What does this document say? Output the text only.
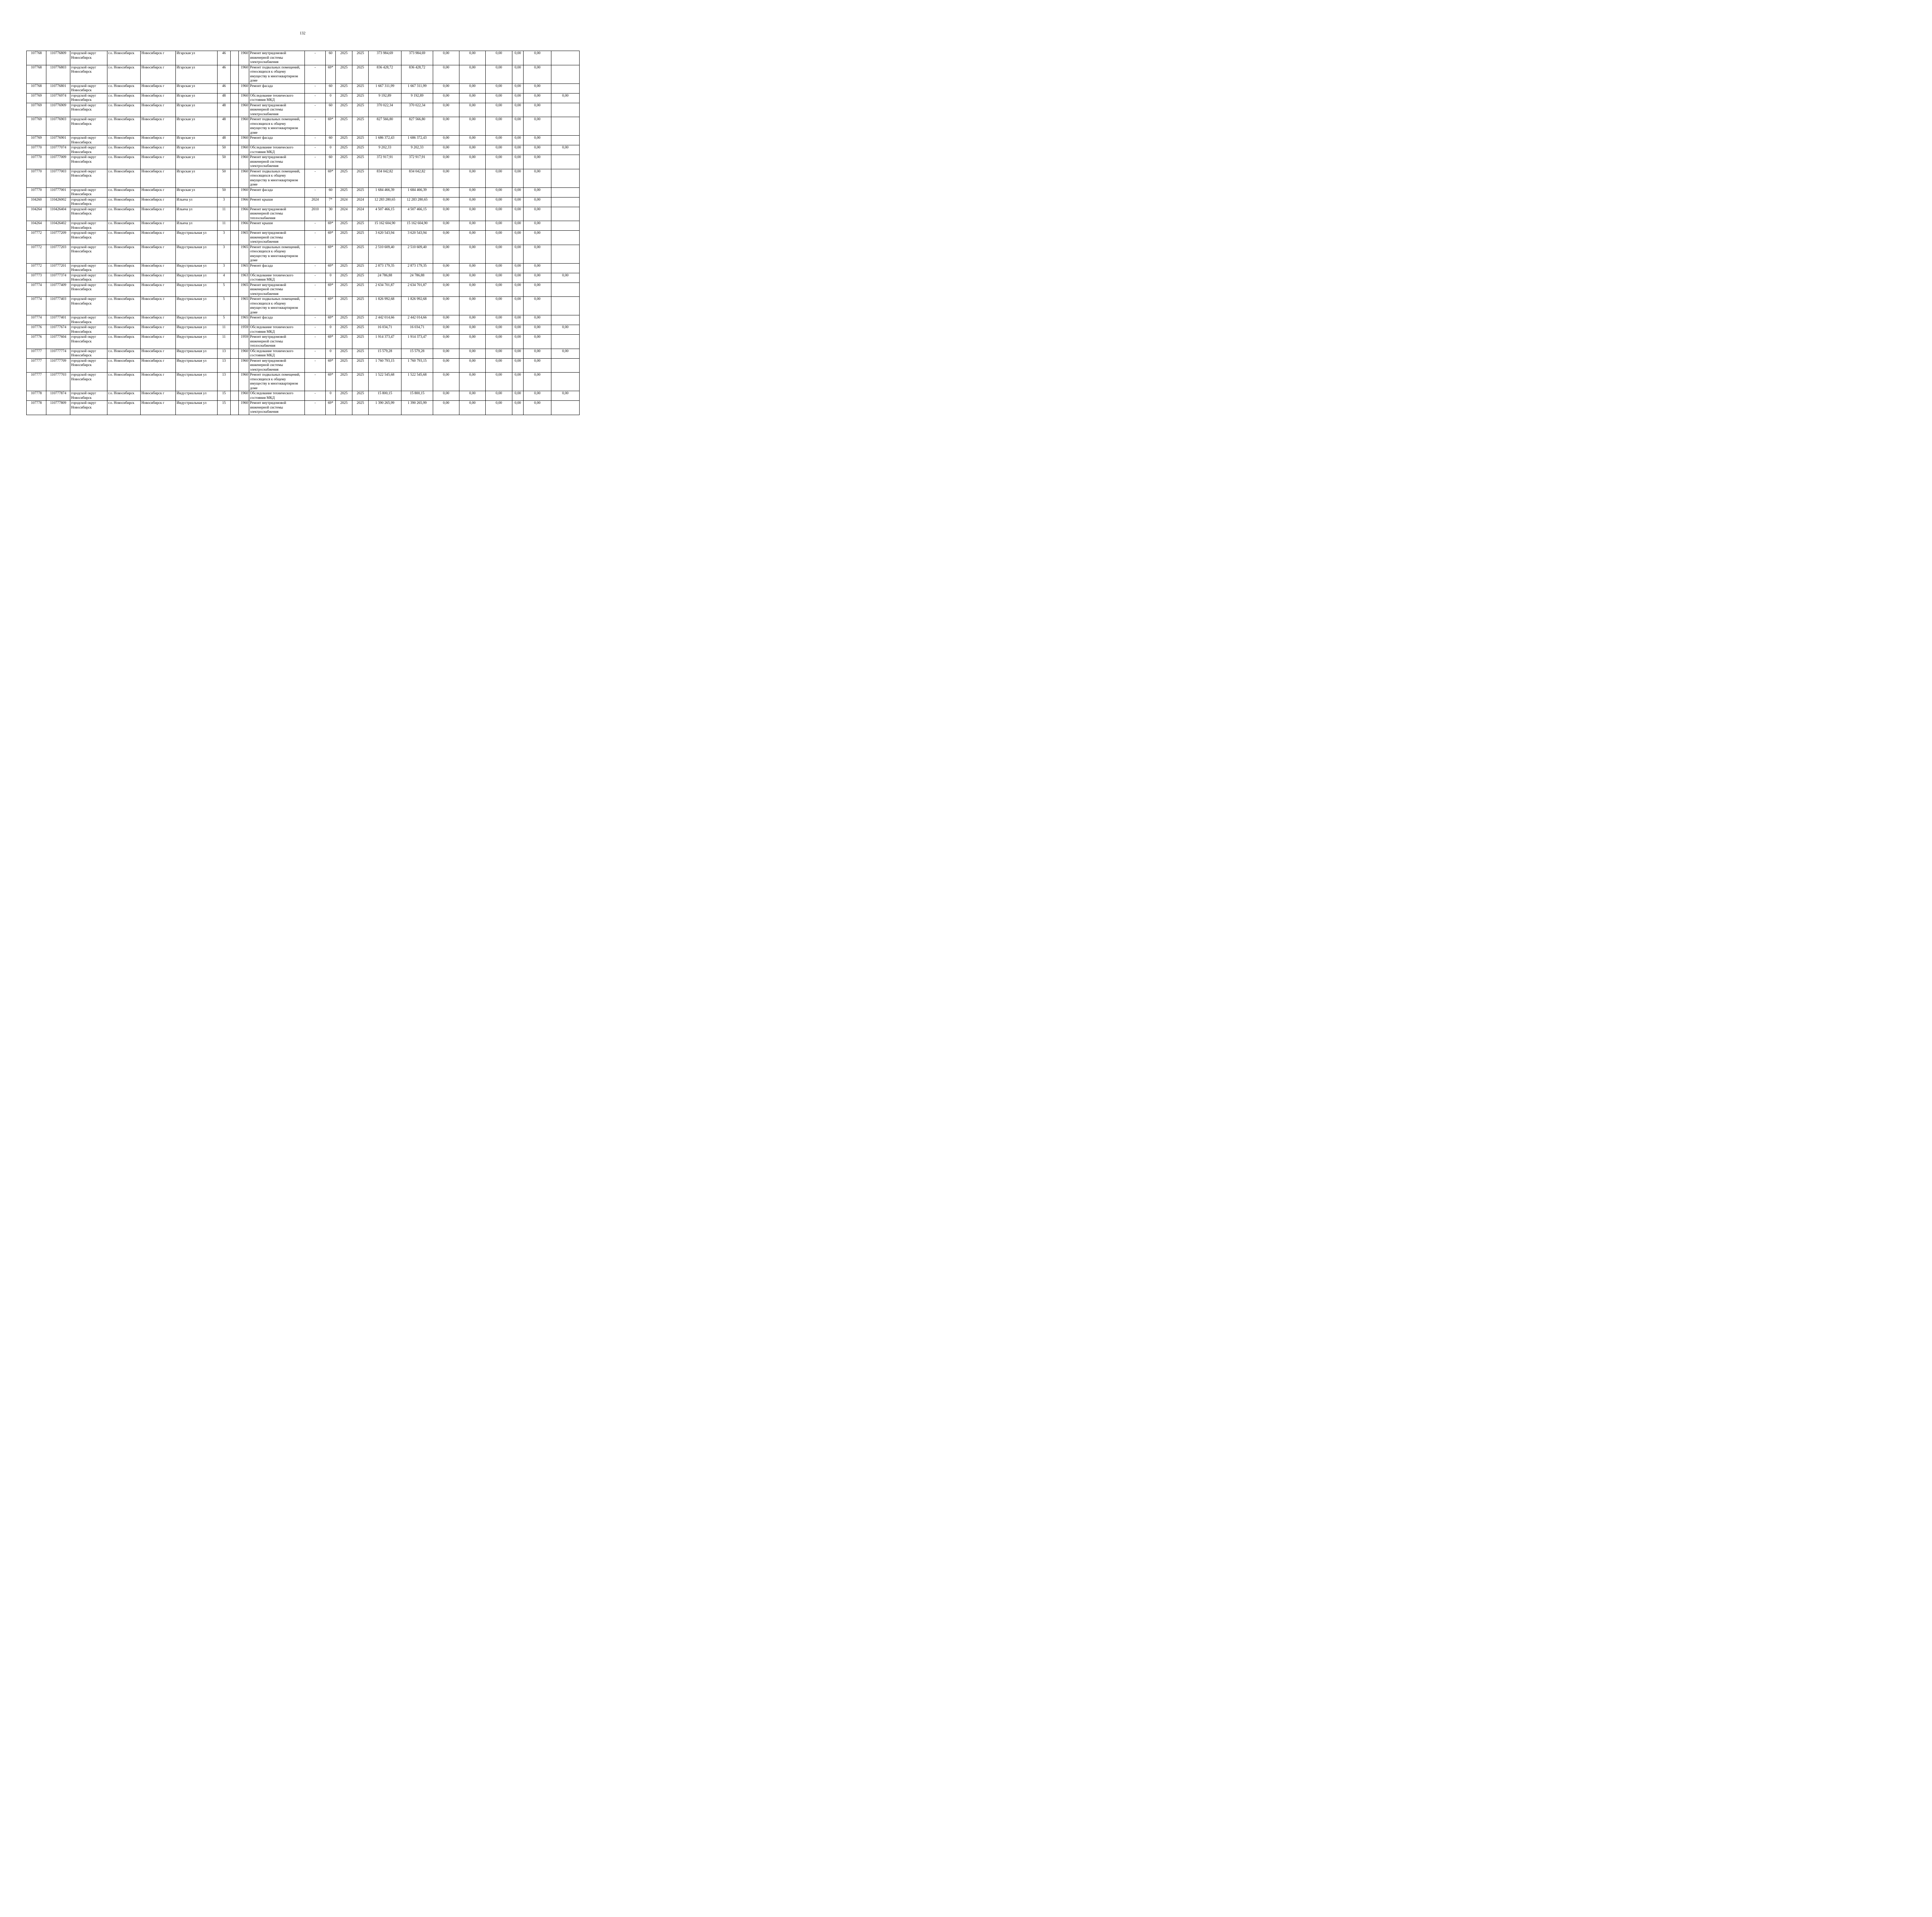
132
107768	110776809	городской округ Новосибирск	г.о. Новосибирск	Новосибирск г	Игарская ул	46		1960	Ремонт внутридомовой инженерной системы электроснабжения	-	60	2025	2025	373 984,69	373 984,69	0,00	0,00	0,00	0,00	0,00	
107768	110776803	городской округ Новосибирск	г.о. Новосибирск	Новосибирск г	Игарская ул	46		1960	Ремонт подвальных помещений, относящихся к общему имуществу в многоквартирном доме	-	69*	2025	2025	836 428,72	836 428,72	0,00	0,00	0,00	0,00	0,00	
107768	110776801	городской округ Новосибирск	г.о. Новосибирск	Новосибирск г	Игарская ул	46		1960	Ремонт фасада	-	60	2025	2025	1 667 311,99	1 667 311,99	0,00	0,00	0,00	0,00	0,00	
107769	110776974	городской округ Новосибирск	г.о. Новосибирск	Новосибирск г	Игарская ул	48		1960	Обследование технического состояния МКД	-	0	2025	2025	9 192,89	9 192,89	0,00	0,00	0,00	0,00	0,00	0,00
107769	110776909	городской округ Новосибирск	г.о. Новосибирск	Новосибирск г	Игарская ул	48		1960	Ремонт внутридомовой инженерной системы электроснабжения	-	60	2025	2025	370 022,34	370 022,34	0,00	0,00	0,00	0,00	0,00	
107769	110776903	городской округ Новосибирск	г.о. Новосибирск	Новосибирск г	Игарская ул	48		1960	Ремонт подвальных помещений, относящихся к общему имуществу в многоквартирном доме	-	69*	2025	2025	827 566,80	827 566,80	0,00	0,00	0,00	0,00	0,00	
107769	110776901	городской округ Новосибирск	г.о. Новосибирск	Новосибирск г	Игарская ул	48		1960	Ремонт фасада	-	60	2025	2025	1 686 372,43	1 686 372,43	0,00	0,00	0,00	0,00	0,00	
107770	110777074	городской округ Новосибирск	г.о. Новосибирск	Новосибирск г	Игарская ул	50		1960	Обследование технического состояния МКД	-	0	2025	2025	9 202,33	9 202,33	0,00	0,00	0,00	0,00	0,00	0,00
107770	110777009	городской округ Новосибирск	г.о. Новосибирск	Новосибирск г	Игарская ул	50		1960	Ремонт внутридомовой инженерной системы электроснабжения	-	60	2025	2025	372 917,91	372 917,91	0,00	0,00	0,00	0,00	0,00	
107770	110777003	городской округ Новосибирск	г.о. Новосибирск	Новосибирск г	Игарская ул	50		1960	Ремонт подвальных помещений, относящихся к общему имуществу в многоквартирном доме	-	69*	2025	2025	834 042,82	834 042,82	0,00	0,00	0,00	0,00	0,00	
107770	110777001	городской округ Новосибирск	г.о. Новосибирск	Новосибирск г	Игарская ул	50		1960	Ремонт фасада	-	60	2025	2025	1 684 466,39	1 684 466,39	0,00	0,00	0,00	0,00	0,00	
104260	110426002	городской округ Новосибирск	г.о. Новосибирск	Новосибирск г	Ильича ул	3		1966	Ремонт крыши	2024	7*	2024	2024	12 283 280,65	12 283 280,65	0,00	0,00	0,00	0,00	0,00	
104264	110426404	городской округ Новосибирск	г.о. Новосибирск	Новосибирск г	Ильича ул	11		1966	Ремонт внутридомовой инженерной системы теплоснабжения	2010	30	2024	2024	4 507 466,15	4 507 466,15	0,00	0,00	0,00	0,00	0,00	
104264	110426402	городской округ Новосибирск	г.о. Новосибирск	Новосибирск г	Ильича ул	11		1966	Ремонт крыши	-	69*	2025	2025	15 162 604,90	15 162 604,90	0,00	0,00	0,00	0,00	0,00	
107772	110777209	городской округ Новосибирск	г.о. Новосибирск	Новосибирск г	Индустриальная ул	3		1965	Ремонт внутридомовой инженерной системы электроснабжения	-	69*	2025	2025	3 620 543,94	3 620 543,94	0,00	0,00	0,00	0,00	0,00	
107772	110777203	городской округ Новосибирск	г.о. Новосибирск	Новосибирск г	Индустриальная ул	3		1965	Ремонт подвальных помещений, относящихся к общему имуществу в многоквартирном доме	-	69*	2025	2025	2 510 609,40	2 510 609,40	0,00	0,00	0,00	0,00	0,00	
107772	110777201	городской округ Новосибирск	г.о. Новосибирск	Новосибирск г	Индустриальная ул	3		1965	Ремонт фасада	-	69*	2025	2025	2 873 179,35	2 873 179,35	0,00	0,00	0,00	0,00	0,00	
107773	110777374	городской округ Новосибирск	г.о. Новосибирск	Новосибирск г	Индустриальная ул	4		1963	Обследование технического состояния МКД	-	0	2025	2025	24 786,88	24 786,88	0,00	0,00	0,00	0,00	0,00	0,00
107774	110777409	городской округ Новосибирск	г.о. Новосибирск	Новосибирск г	Индустриальная ул	5		1965	Ремонт внутридомовой инженерной системы электроснабжения	-	69*	2025	2025	2 634 701,87	2 634 701,87	0,00	0,00	0,00	0,00	0,00	
107774	110777403	городской округ Новосибирск	г.о. Новосибирск	Новосибирск г	Индустриальная ул	5		1965	Ремонт подвальных помещений, относящихся к общему имуществу в многоквартирном доме	-	69*	2025	2025	1 826 992,68	1 826 992,68	0,00	0,00	0,00	0,00	0,00	
107774	110777401	городской округ Новосибирск	г.о. Новосибирск	Новосибирск г	Индустриальная ул	5		1965	Ремонт фасада	-	69*	2025	2025	2 442 014,66	2 442 014,66	0,00	0,00	0,00	0,00	0,00	
107776	110777674	городской округ Новосибирск	г.о. Новосибирск	Новосибирск г	Индустриальная ул	11		1959	Обследование технического состояния МКД	-	0	2025	2025	16 034,71	16 034,71	0,00	0,00	0,00	0,00	0,00	0,00
107776	110777604	городской округ Новосибирск	г.о. Новосибирск	Новосибирск г	Индустриальная ул	11		1959	Ремонт внутридомовой инженерной системы теплоснабжения	-	69*	2025	2025	1 914 373,47	1 914 373,47	0,00	0,00	0,00	0,00	0,00	
107777	110777774	городской округ Новосибирск	г.о. Новосибирск	Новосибирск г	Индустриальная ул	13		1960	Обследование технического состояния МКД	-	0	2025	2025	15 579,28	15 579,28	0,00	0,00	0,00	0,00	0,00	0,00
107777	110777709	городской округ Новосибирск	г.о. Новосибирск	Новосибирск г	Индустриальная ул	13		1960	Ремонт внутридомовой инженерной системы электроснабжения	-	69*	2025	2025	1 760 793,15	1 760 793,15	0,00	0,00	0,00	0,00	0,00	
107777	110777703	городской округ Новосибирск	г.о. Новосибирск	Новосибирск г	Индустриальная ул	13		1960	Ремонт подвальных помещений, относящихся к общему имуществу в многоквартирном доме	-	69*	2025	2025	1 522 545,68	1 522 545,68	0,00	0,00	0,00	0,00	0,00	
107778	110777874	городской округ Новосибирск	г.о. Новосибирск	Новосибирск г	Индустриальная ул	15		1960	Обследование технического состояния МКД	-	0	2025	2025	15 800,15	15 800,15	0,00	0,00	0,00	0,00	0,00	0,00
107778	110777809	городской округ Новосибирск	г.о. Новосибирск	Новосибирск г	Индустриальная ул	15		1960	Ремонт внутридомовой инженерной системы электроснабжения	-	69*	2025	2025	1 390 265,99	1 390 265,99	0,00	0,00	0,00	0,00	0,00	
